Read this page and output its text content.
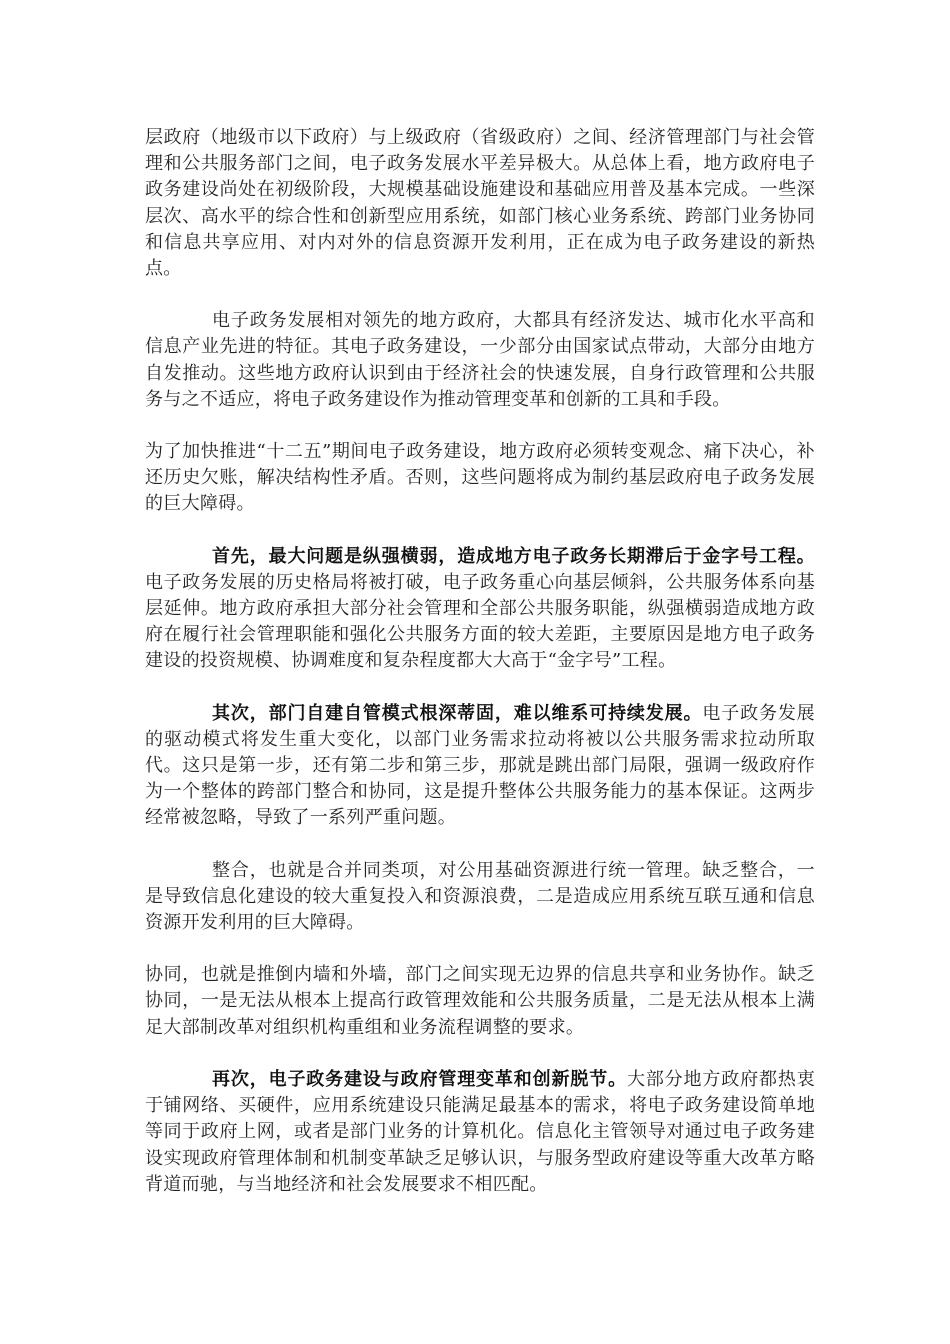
层政府（地级市以下政府）与上级政府（省级政府）之间、经济管理部门与社会管理和公共服务部门之间，电子政务发展水平差异极大。从总体上看，地方政府电子政务建设尚处在初级阶段，大规模基础设施建设和基础应用普及基本完成。一些深层次、高水平的综合性和创新型应用系统，如部门核心业务系统、跨部门业务协同和信息共享应用、对内对外的信息资源开发利用，正在成为电子政务建设的新热点。

电子政务发展相对领先的地方政府，大都具有经济发达、城市化水平高和信息产业先进的特征。其电子政务建设，一少部分由国家试点带动，大部分由地方自发推动。这些地方政府认识到由于经济社会的快速发展，自身行政管理和公共服务与之不适应，将电子政务建设作为推动管理变革和创新的工具和手段。

为了加快推进“十二五”期间电子政务建设，地方政府必须转变观念、痛下决心，补还历史欠账，解决结构性矛盾。否则，这些问题将成为制约基层政府电子政务发展的巨大障碍。

首先，最大问题是纵强横弱，造成地方电子政务长期滞后于金字号工程。电子政务发展的历史格局将被打破，电子政务重心向基层倾斜，公共服务体系向基层延伸。地方政府承担大部分社会管理和全部公共服务职能，纵强横弱造成地方政府在履行社会管理职能和强化公共服务方面的较大差距，主要原因是地方电子政务建设的投资规模、协调难度和复杂程度都大大高于“金字号”工程。

其次，部门自建自管模式根深蒂固，难以维系可持续发展。电子政务发展的驱动模式将发生重大变化，以部门业务需求拉动将被以公共服务需求拉动所取代。这只是第一步，还有第二步和第三步，那就是跳出部门局限，强调一级政府作为一个整体的跨部门整合和协同，这是提升整体公共服务能力的基本保证。这两步经常被忽略，导致了一系列严重问题。

整合，也就是合并同类项，对公用基础资源进行统一管理。缺乏整合，一是导致信息化建设的较大重复投入和资源浪费，二是造成应用系统互联互通和信息资源开发利用的巨大障碍。

协同，也就是推倒内墙和外墙，部门之间实现无边界的信息共享和业务协作。缺乏协同，一是无法从根本上提高行政管理效能和公共服务质量，二是无法从根本上满足大部制改革对组织机构重组和业务流程调整的要求。

再次，电子政务建设与政府管理变革和创新脱节。大部分地方政府都热衷于铺网络、买硬件，应用系统建设只能满足最基本的需求，将电子政务建设简单地等同于政府上网，或者是部门业务的计算机化。信息化主管领导对通过电子政务建设实现政府管理体制和机制变革缺乏足够认识，与服务型政府建设等重大改革方略背道而驰，与当地经济和社会发展要求不相匹配。
